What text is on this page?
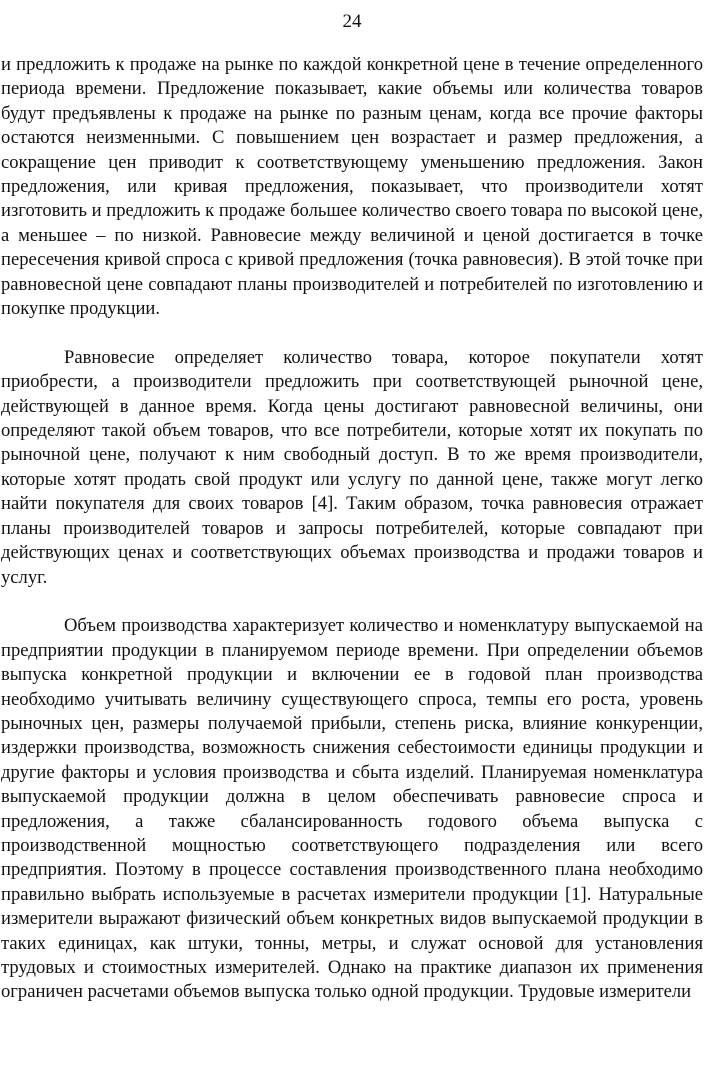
24

и предложить к продаже на рынке по каждой конкретной цене в течение определенного периода времени. Предложение показывает, какие объемы или количества товаров будут предъявлены к продаже на рынке по разным ценам, когда все прочие факторы остаются неизменными. С повышением цен возрастает и размер предложения, а сокращение цен приводит к соответствующему уменьшению предложения. Закон предложения, или кривая предложения, показывает, что производители хотят изготовить и предложить к продаже большее количество своего товара по высокой цене, а меньшее – по низкой. Равновесие между величиной и ценой достигается в точке пересечения кривой спроса с кривой предложения (точка равновесия). В этой точке при равновесной цене совпадают планы производителей и потребителей по изготовлению и покупке продукции.

Равновесие определяет количество товара, которое покупатели хотят приобрести, а производители предложить при соответствующей рыночной цене, действующей в данное время. Когда цены достигают равновесной величины, они определяют такой объем товаров, что все потребители, которые хотят их покупать по рыночной цене, получают к ним свободный доступ. В то же время производители, которые хотят продать свой продукт или услугу по данной цене, также могут легко найти покупателя для своих товаров [4]. Таким образом, точка равновесия отражает планы производителей товаров и запросы потребителей, которые совпадают при действующих ценах и соответствующих объемах производства и продажи товаров и услуг.

Объем производства характеризует количество и номенклатуру выпускаемой на предприятии продукции в планируемом периоде времени. При определении объемов выпуска конкретной продукции и включении ее в годовой план производства необходимо учитывать величину существующего спроса, темпы его роста, уровень рыночных цен, размеры получаемой прибыли, степень риска, влияние конкуренции, издержки производства, возможность снижения себестоимости единицы продукции и другие факторы и условия производства и сбыта изделий. Планируемая номенклатура выпускаемой продукции должна в целом обеспечивать равновесие спроса и предложения, а также сбалансированность годового объема выпуска с производственной мощностью соответствующего подразделения или всего предприятия. Поэтому в процессе составления производственного плана необходимо правильно выбрать используемые в расчетах измерители продукции [1]. Натуральные измерители выражают физический объем конкретных видов выпускаемой продукции в таких единицах, как штуки, тонны, метры, и служат основой для установления трудовых и стоимостных измерителей. Однако на практике диапазон их применения ограничен расчетами объемов выпуска только одной продукции. Трудовые измерители
